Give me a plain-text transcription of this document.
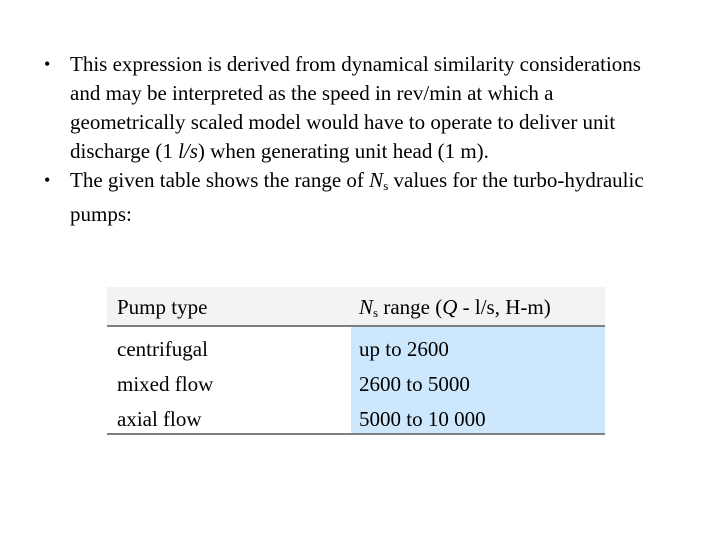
• This expression is derived from dynamical similarity considerations and may be interpreted as the speed in rev/min at which a geometrically scaled model would have to operate to deliver unit discharge (1 l/s) when generating unit head (1 m).
• The given table shows the range of Ns values for the turbo-hydraulic pumps:
Pump type	Ns range (Q - l/s, H-m)
centrifugal
mixed flow
axial flow
up to 2600
2600 to 5000
5000 to 10 000
